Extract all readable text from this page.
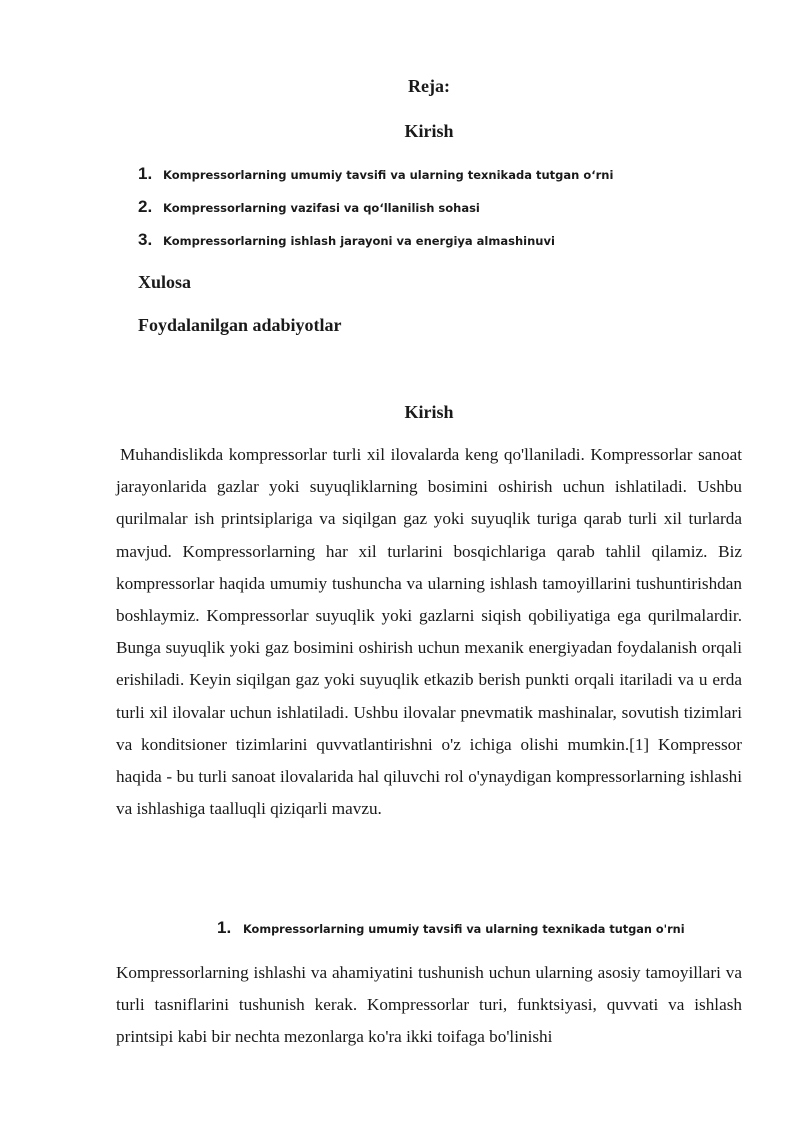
Reja:
Kirish
1. Kompressorlarning umumiy tavsifi va ularning texnikada tutgan o‘rni
2. Kompressorlarning vazifasi va qo‘llanilish sohasi
3. Kompressorlarning ishlash jarayoni va energiya almashinuvi
Xulosa
Foydalanilgan adabiyotlar
Kirish

Muhandislikda kompressorlar turli xil ilovalarda keng qo'llaniladi. Kompressorlar sanoat jarayonlarida gazlar yoki suyuqliklarning bosimini oshirish uchun ishlatiladi. Ushbu qurilmalar ish printsiplariga va siqilgan gaz yoki suyuqlik turiga qarab turli xil turlarda mavjud. Kompressorlarning har xil turlarini bosqichlariga qarab tahlil qilamiz. Biz kompressorlar haqida umumiy tushuncha va ularning ishlash tamoyillarini tushuntirishdan boshlaymiz. Kompressorlar suyuqlik yoki gazlarni siqish qobiliyatiga ega qurilmalardir. Bunga suyuqlik yoki gaz bosimini oshirish uchun mexanik energiyadan foydalanish orqali erishiladi. Keyin siqilgan gaz yoki suyuqlik etkazib berish punkti orqali itariladi va u erda turli xil ilovalar uchun ishlatiladi. Ushbu ilovalar pnevmatik mashinalar, sovutish tizimlari va konditsioner tizimlarini quvvatlantirishni o'z ichiga olishi mumkin.[1] Kompressor haqida - bu turli sanoat ilovalarida hal qiluvchi rol o'ynaydigan kompressorlarning ishlashi va ishlashiga taalluqli qiziqarli mavzu.

1.	Kompressorlarning umumiy tavsifi va ularning texnikada tutgan o'rni

Kompressorlarning ishlashi va ahamiyatini tushunish uchun ularning asosiy tamoyillari va turli tasniflarini tushunish kerak. Kompressorlar turi, funktsiyasi, quvvati va ishlash printsipi kabi bir nechta mezonlarga ko'ra ikki toifaga bo'linishi
